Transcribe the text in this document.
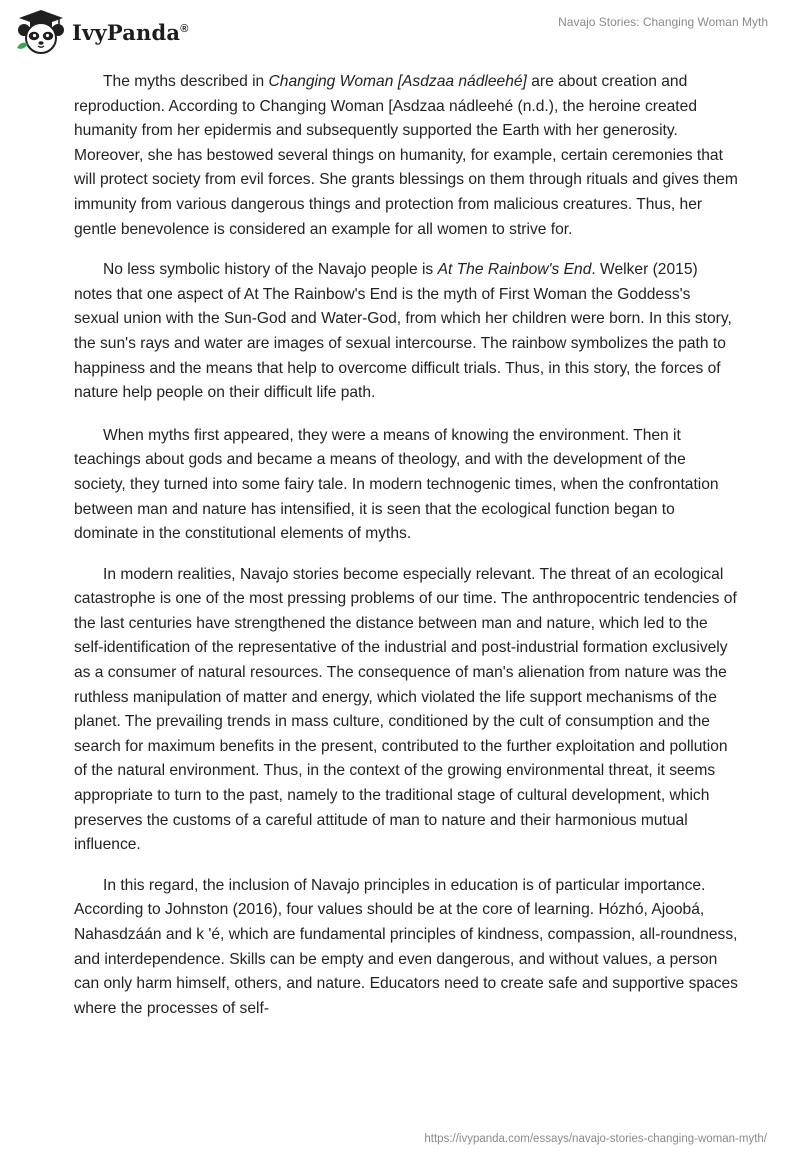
IvyPanda®	Navajo Stories: Changing Woman Myth

The myths described in Changing Woman [Asdzaa nádleehé] are about creation and reproduction. According to Changing Woman [Asdzaa nádleehé (n.d.), the heroine created humanity from her epidermis and subsequently supported the Earth with her generosity. Moreover, she has bestowed several things on humanity, for example, certain ceremonies that will protect society from evil forces. She grants blessings on them through rituals and gives them immunity from various dangerous things and protection from malicious creatures. Thus, her gentle benevolence is considered an example for all women to strive for.

No less symbolic history of the Navajo people is At The Rainbow's End. Welker (2015) notes that one aspect of At The Rainbow's End is the myth of First Woman the Goddess's sexual union with the Sun-God and Water-God, from which her children were born. In this story, the sun's rays and water are images of sexual intercourse. The rainbow symbolizes the path to happiness and the means that help to overcome difficult trials. Thus, in this story, the forces of nature help people on their difficult life path.

When myths first appeared, they were a means of knowing the environment. Then it teachings about gods and became a means of theology, and with the development of the society, they turned into some fairy tale. In modern technogenic times, when the confrontation between man and nature has intensified, it is seen that the ecological function began to dominate in the constitutional elements of myths.

In modern realities, Navajo stories become especially relevant. The threat of an ecological catastrophe is one of the most pressing problems of our time. The anthropocentric tendencies of the last centuries have strengthened the distance between man and nature, which led to the self-identification of the representative of the industrial and post-industrial formation exclusively as a consumer of natural resources. The consequence of man's alienation from nature was the ruthless manipulation of matter and energy, which violated the life support mechanisms of the planet. The prevailing trends in mass culture, conditioned by the cult of consumption and the search for maximum benefits in the present, contributed to the further exploitation and pollution of the natural environment. Thus, in the context of the growing environmental threat, it seems appropriate to turn to the past, namely to the traditional stage of cultural development, which preserves the customs of a careful attitude of man to nature and their harmonious mutual influence.

In this regard, the inclusion of Navajo principles in education is of particular importance. According to Johnston (2016), four values should be at the core of learning. Hózhó, Ajoobá, Nahasdzáán and k 'é, which are fundamental principles of kindness, compassion, all-roundness, and interdependence. Skills can be empty and even dangerous, and without values, a person can only harm himself, others, and nature. Educators need to create safe and supportive spaces where the processes of self-

https://ivypanda.com/essays/navajo-stories-changing-woman-myth/
